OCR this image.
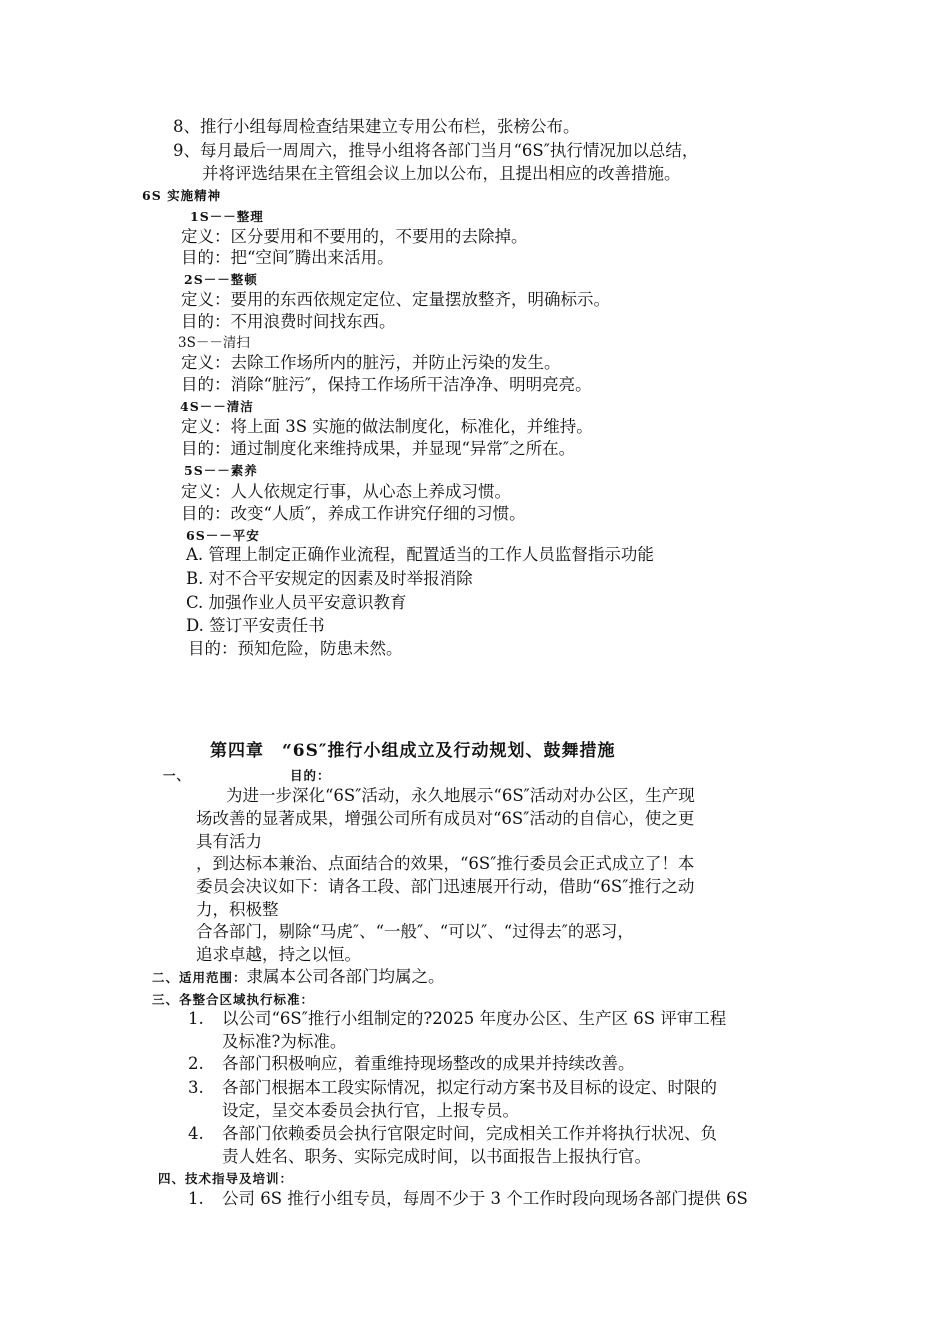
8、推行小组每周检查结果建立专用公布栏，张榜公布。
9、每月最后一周周六，推导小组将各部门当月“6S″执行情况加以总结，
并将评选结果在主管组会议上加以公布，且提出相应的改善措施。
6S 实施精神
1S－－整理
定义：区分要用和不要用的，不要用的去除掉。
目的：把“空间″腾出来活用。
2S－－整顿
定义：要用的东西依规定定位、定量摆放整齐，明确标示。
目的：不用浪费时间找东西。
3S－－清扫
定义：去除工作场所内的脏污，并防止污染的发生。
目的：消除“脏污″，保持工作场所干洁净净、明明亮亮。
4S－－清洁
定义：将上面 3S 实施的做法制度化，标准化，并维持。
目的：通过制度化来维持成果，并显现“异常″之所在。
5S－－素养
定义：人人依规定行事，从心态上养成习惯。
目的：改变“人质″，养成工作讲究仔细的习惯。
6S－－平安
A. 管理上制定正确作业流程，配置适当的工作人员监督指示功能
B. 对不合平安规定的因素及时举报消除
C. 加强作业人员平安意识教育
D. 签订平安责任书
目的：预知危险，防患未然。
第四章　“6S″推行小组成立及行动规划、鼓舞措施
一、	目的：
为进一步深化“6S″活动，永久地展示“6S″活动对办公区，生产现
场改善的显著成果，增强公司所有成员对“6S″活动的自信心，使之更
具有活力
，到达标本兼治、点面结合的效果，“6S″推行委员会正式成立了！本
委员会决议如下：请各工段、部门迅速展开行动，借助“6S″推行之动
力，积极整
合各部门，剔除“马虎″、“一般″、“可以″、“过得去″的恶习，
追求卓越，持之以恒。
二、适用范围：隶属本公司各部门均属之。
三、各整合区域执行标准：
1. 以公司“6S″推行小组制定的?2025 年度办公区、生产区 6S 评审工程
及标准?为标准。
2. 各部门积极响应，着重维持现场整改的成果并持续改善。
3. 各部门根据本工段实际情况，拟定行动方案书及目标的设定、时限的
设定，呈交本委员会执行官，上报专员。
4. 各部门依赖委员会执行官限定时间，完成相关工作并将执行状况、负
责人姓名、职务、实际完成时间，以书面报告上报执行官。
四、技术指导及培训：
1. 公司 6S 推行小组专员，每周不少于 3 个工作时段向现场各部门提供 6S
